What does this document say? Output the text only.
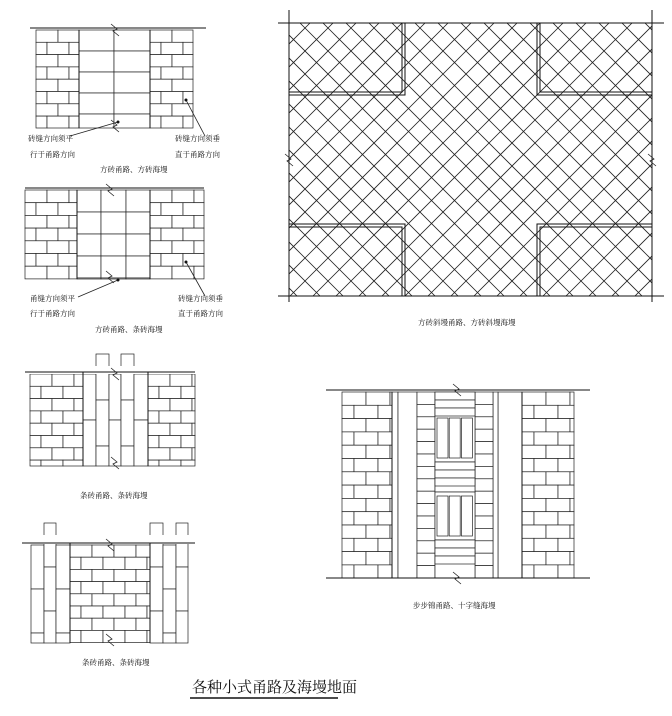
砖缝方向须平
行于甬路方向
砖缝方向须垂
直于甬路方向
方砖甬路、方砖海墁
甬缝方向须平
行于甬路方向
砖缝方向须垂
直于甬路方向
方砖甬路、条砖海墁
方砖斜墁甬路、方砖斜墁海墁
条砖甬路、条砖海墁
步步锦甬路、十字缝海墁
条砖甬路、条砖海墁
各种小式甬路及海墁地面
